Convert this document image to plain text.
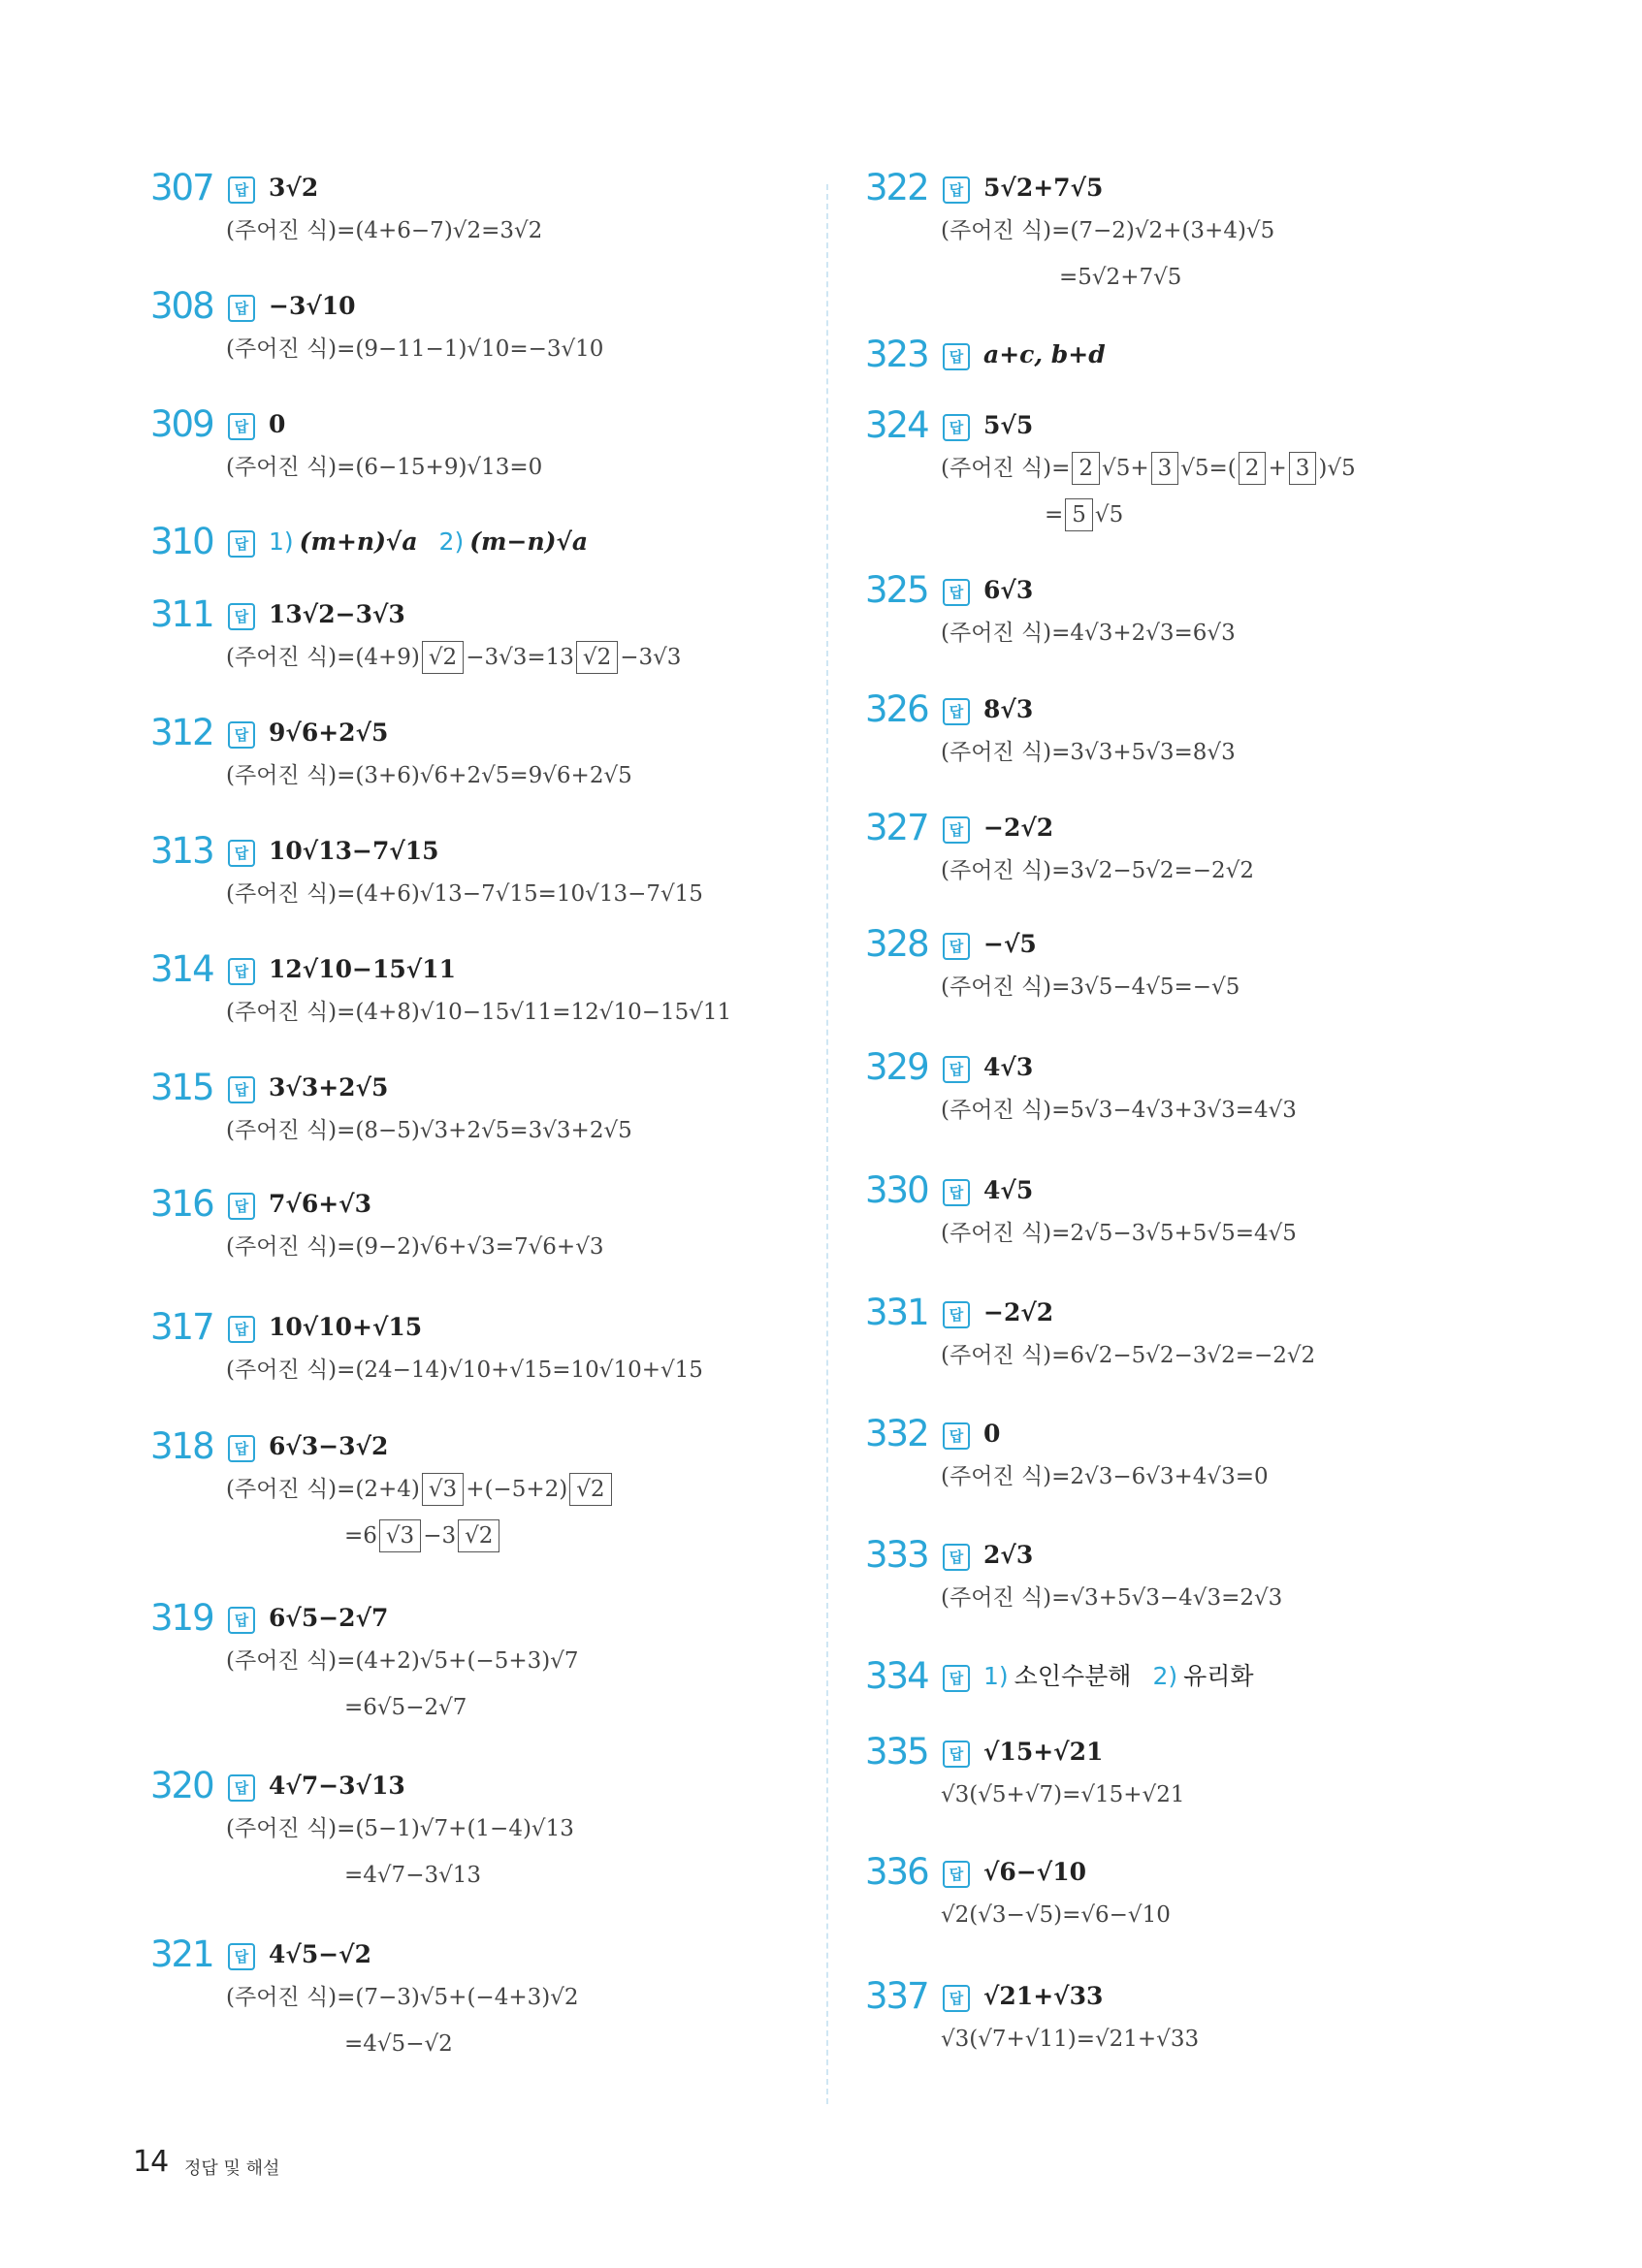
307	답 3√2
(주어진 식)=(4+6−7)√2=3√2
308	답 −3√10
(주어진 식)=(9−11−1)√10=−3√10
309	답 0
(주어진 식)=(6−15+9)√13=0
310	답 1) (m+n)√a 2) (m−n)√a
311	답 13√2−3√3
(주어진 식)=(4+9) √2 −3√3=13 √2 −3√3
312	답 9√6+2√5
(주어진 식)=(3+6)√6+2√5=9√6+2√5
313	답 10√13−7√15
(주어진 식)=(4+6)√13−7√15=10√13−7√15
314	답 12√10−15√11
(주어진 식)=(4+8)√10−15√11=12√10−15√11
315	답 3√3+2√5
(주어진 식)=(8−5)√3+2√5=3√3+2√5
316	답 7√6+√3
(주어진 식)=(9−2)√6+√3=7√6+√3
317	답 10√10+√15
(주어진 식)=(24−14)√10+√15=10√10+√15
318	답 6√3−3√2
(주어진 식)=(2+4) √3 +(−5+2) √2
=6 √3 −3 √2
319	답 6√5−2√7
(주어진 식)=(4+2)√5+(−5+3)√7
=6√5−2√7
320	답 4√7−3√13
(주어진 식)=(5−1)√7+(1−4)√13
=4√7−3√13
321	답 4√5−√2
(주어진 식)=(7−3)√5+(−4+3)√2
=4√5−√2
322	답 5√2+7√5
(주어진 식)=(7−2)√2+(3+4)√5
=5√2+7√5
323	답 a+c, b+d
324	답 5√5
(주어진 식)= 2 √5+ 3 √5=( 2 + 3 )√5
= 5 √5
325	답 6√3
(주어진 식)=4√3+2√3=6√3
326	답 8√3
(주어진 식)=3√3+5√3=8√3
327	답 −2√2
(주어진 식)=3√2−5√2=−2√2
328	답 −√5
(주어진 식)=3√5−4√5=−√5
329	답 4√3
(주어진 식)=5√3−4√3+3√3=4√3
330	답 4√5
(주어진 식)=2√5−3√5+5√5=4√5
331	답 −2√2
(주어진 식)=6√2−5√2−3√2=−2√2
332	답 0
(주어진 식)=2√3−6√3+4√3=0
333	답 2√3
(주어진 식)=√3+5√3−4√3=2√3
334	답 1) 소인수분해 2) 유리화
335	답 √15+√21
√3(√5+√7)=√15+√21
336	답 √6−√10
√2(√3−√5)=√6−√10
337	답 √21+√33
√3(√7+√11)=√21+√33
14 정답 및 해설
